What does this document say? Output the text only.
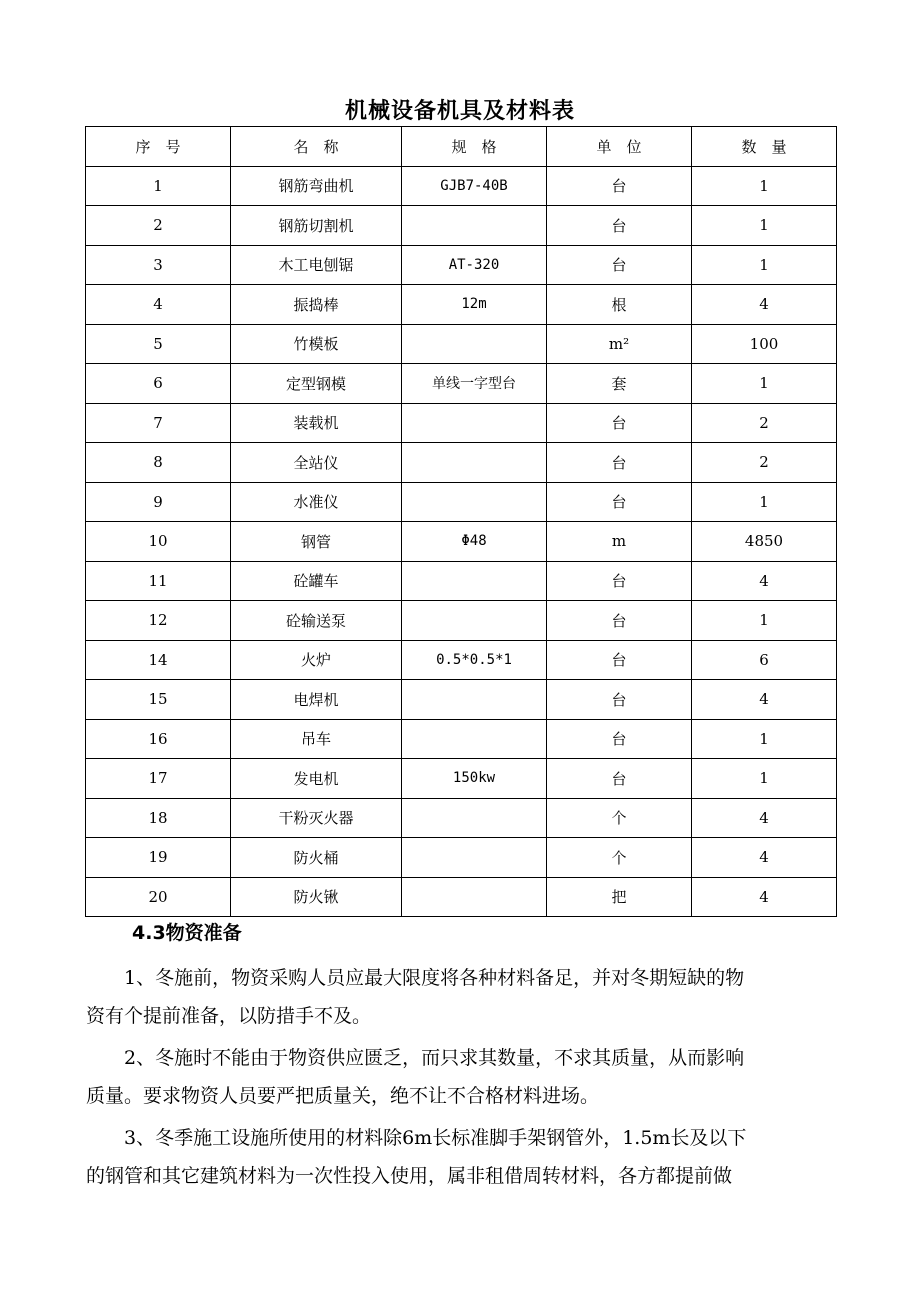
机械设备机具及材料表
序　号	名　称	规　格	单　位	数　量
1	钢筋弯曲机	GJB7-40B	台	1
2	钢筋切割机		台	1
3	木工电刨锯	AT-320	台	1
4	振捣棒	12m	根	4
5	竹模板		m²	100
6	定型钢模	单线一字型台	套	1
7	装载机		台	2
8	全站仪		台	2
9	水准仪		台	1
10	钢管	Φ48	m	4850
11	砼罐车		台	4
12	砼输送泵		台	1
14	火炉	0.5*0.5*1	台	6
15	电焊机		台	4
16	吊车		台	1
17	发电机	150kw	台	1
18	干粉灭火器		个	4
19	防火桶		个	4
20	防火锹		把	4
4.3物资准备

1、冬施前，物资采购人员应最大限度将各种材料备足，并对冬期短缺的物
资有个提前准备，以防措手不及。

2、冬施时不能由于物资供应匮乏，而只求其数量，不求其质量，从而影响
质量。要求物资人员要严把质量关，绝不让不合格材料进场。

3、冬季施工设施所使用的材料除6m长标准脚手架钢管外，1.5m长及以下
的钢管和其它建筑材料为一次性投入使用，属非租借周转材料，各方都提前做
